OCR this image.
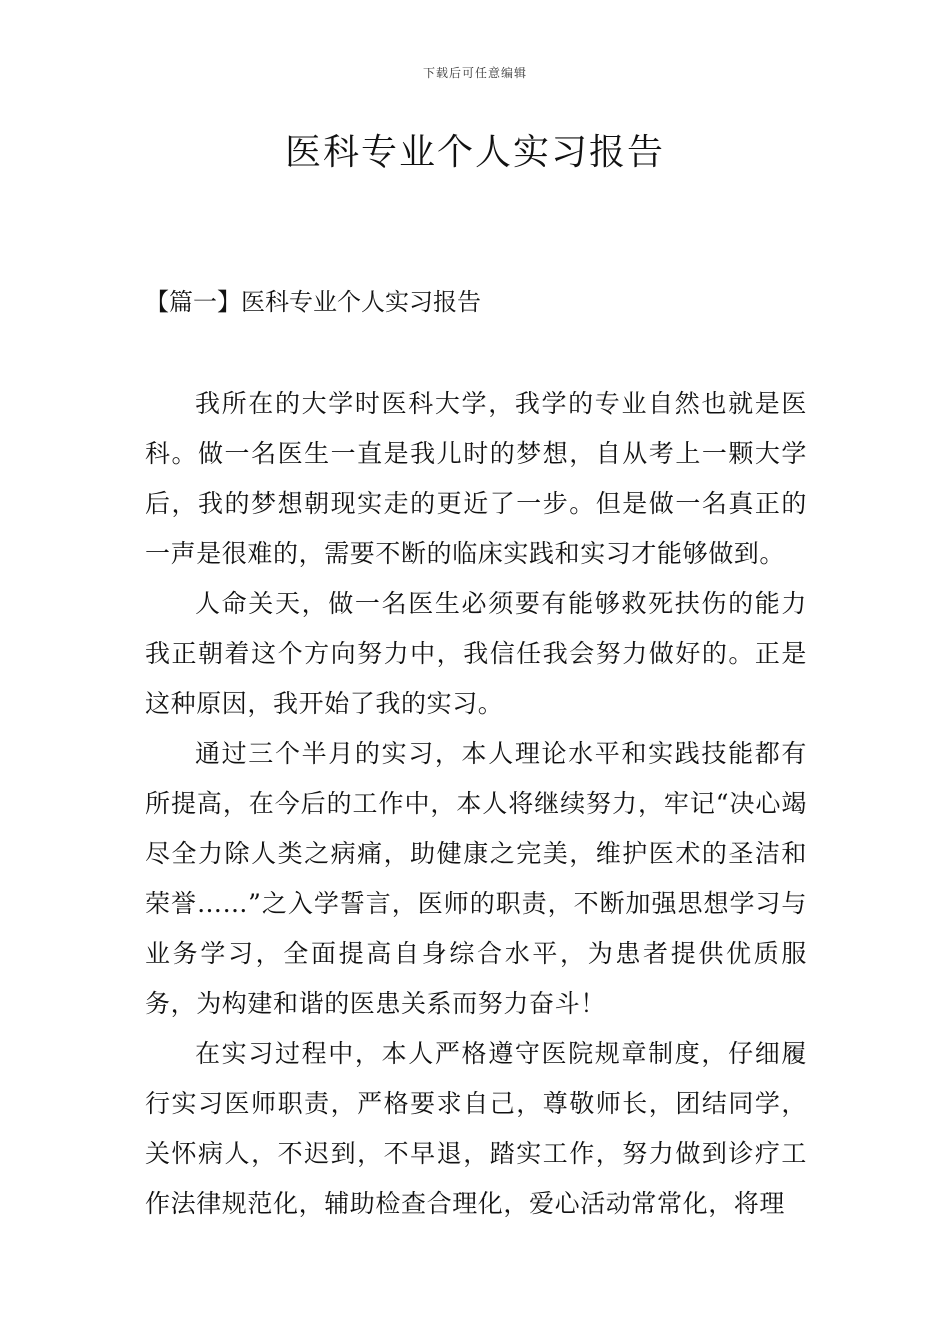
下载后可任意编辑
医科专业个人实习报告
【篇一】医科专业个人实习报告

我所在的大学时医科大学，我学的专业自然也就是医科。做一名医生一直是我儿时的梦想，自从考上一颗大学后，我的梦想朝现实走的更近了一步。但是做一名真正的一声是很难的，需要不断的临床实践和实习才能够做到。

人命关天，做一名医生必须要有能够救死扶伤的能力我正朝着这个方向努力中，我信任我会努力做好的。正是这种原因，我开始了我的实习。

通过三个半月的实习，本人理论水平和实践技能都有所提高，在今后的工作中，本人将继续努力，牢记“决心竭尽全力除人类之病痛，助健康之完美，维护医术的圣洁和荣誉……”之入学誓言，医师的职责，不断加强思想学习与业务学习，全面提高自身综合水平，为患者提供优质服务，为构建和谐的医患关系而努力奋斗！

在实习过程中，本人严格遵守医院规章制度，仔细履行实习医师职责，严格要求自己，尊敬师长，团结同学，关怀病人，不迟到，不早退，踏实工作，努力做到诊疗工作法律规范化，辅助检查合理化，爱心活动常常化，将理
